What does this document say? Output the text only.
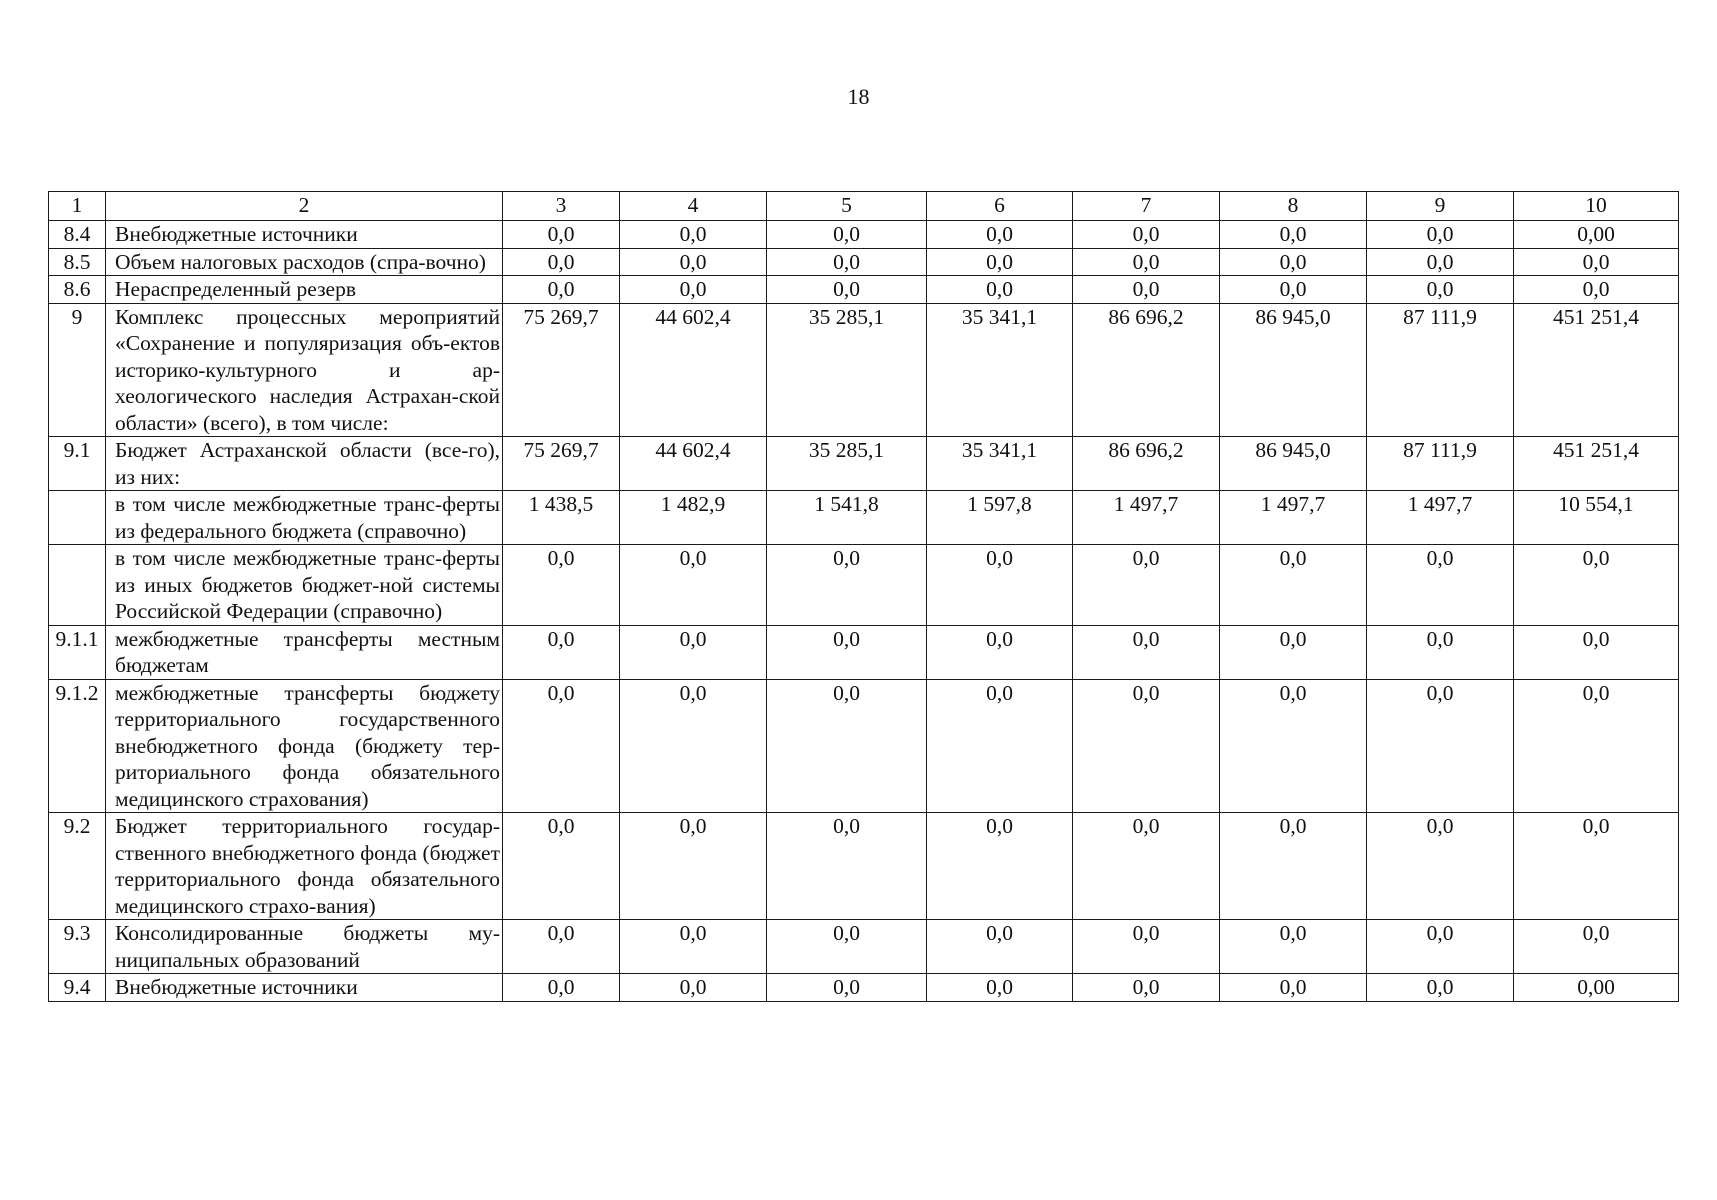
18
1	2	3	4	5	6	7	8	9	10
8.4	Внебюджетные источники	0,0	0,0	0,0	0,0	0,0	0,0	0,0	0,00
8.5	Объем налоговых расходов (спра-вочно)	0,0	0,0	0,0	0,0	0,0	0,0	0,0	0,0
8.6	Нераспределенный резерв	0,0	0,0	0,0	0,0	0,0	0,0	0,0	0,0
9	Комплекс процессных мероприятий «Сохранение и популяризация объ-ектов историко-культурного и ар-хеологического наследия Астрахан-ской области» (всего), в том числе:	75 269,7	44 602,4	35 285,1	35 341,1	86 696,2	86 945,0	87 111,9	451 251,4
9.1	Бюджет Астраханской области (все-го), из них:	75 269,7	44 602,4	35 285,1	35 341,1	86 696,2	86 945,0	87 111,9	451 251,4
	в том числе межбюджетные транс-ферты из федерального бюджета (справочно)	1 438,5	1 482,9	1 541,8	1 597,8	1 497,7	1 497,7	1 497,7	10 554,1
	в том числе межбюджетные транс-ферты из иных бюджетов бюджет-ной системы Российской Федерации (справочно)	0,0	0,0	0,0	0,0	0,0	0,0	0,0	0,0
9.1.1	межбюджетные трансферты местным бюджетам	0,0	0,0	0,0	0,0	0,0	0,0	0,0	0,0
9.1.2	межбюджетные трансферты бюджету территориального государственного внебюджетного фонда (бюджету тер-риториального фонда обязательного медицинского страхования)	0,0	0,0	0,0	0,0	0,0	0,0	0,0	0,0
9.2	Бюджет территориального государ-ственного внебюджетного фонда (бюджет территориального фонда обязательного медицинского страхо-вания)	0,0	0,0	0,0	0,0	0,0	0,0	0,0	0,0
9.3	Консолидированные бюджеты му-ниципальных образований	0,0	0,0	0,0	0,0	0,0	0,0	0,0	0,0
9.4	Внебюджетные источники	0,0	0,0	0,0	0,0	0,0	0,0	0,0	0,00
